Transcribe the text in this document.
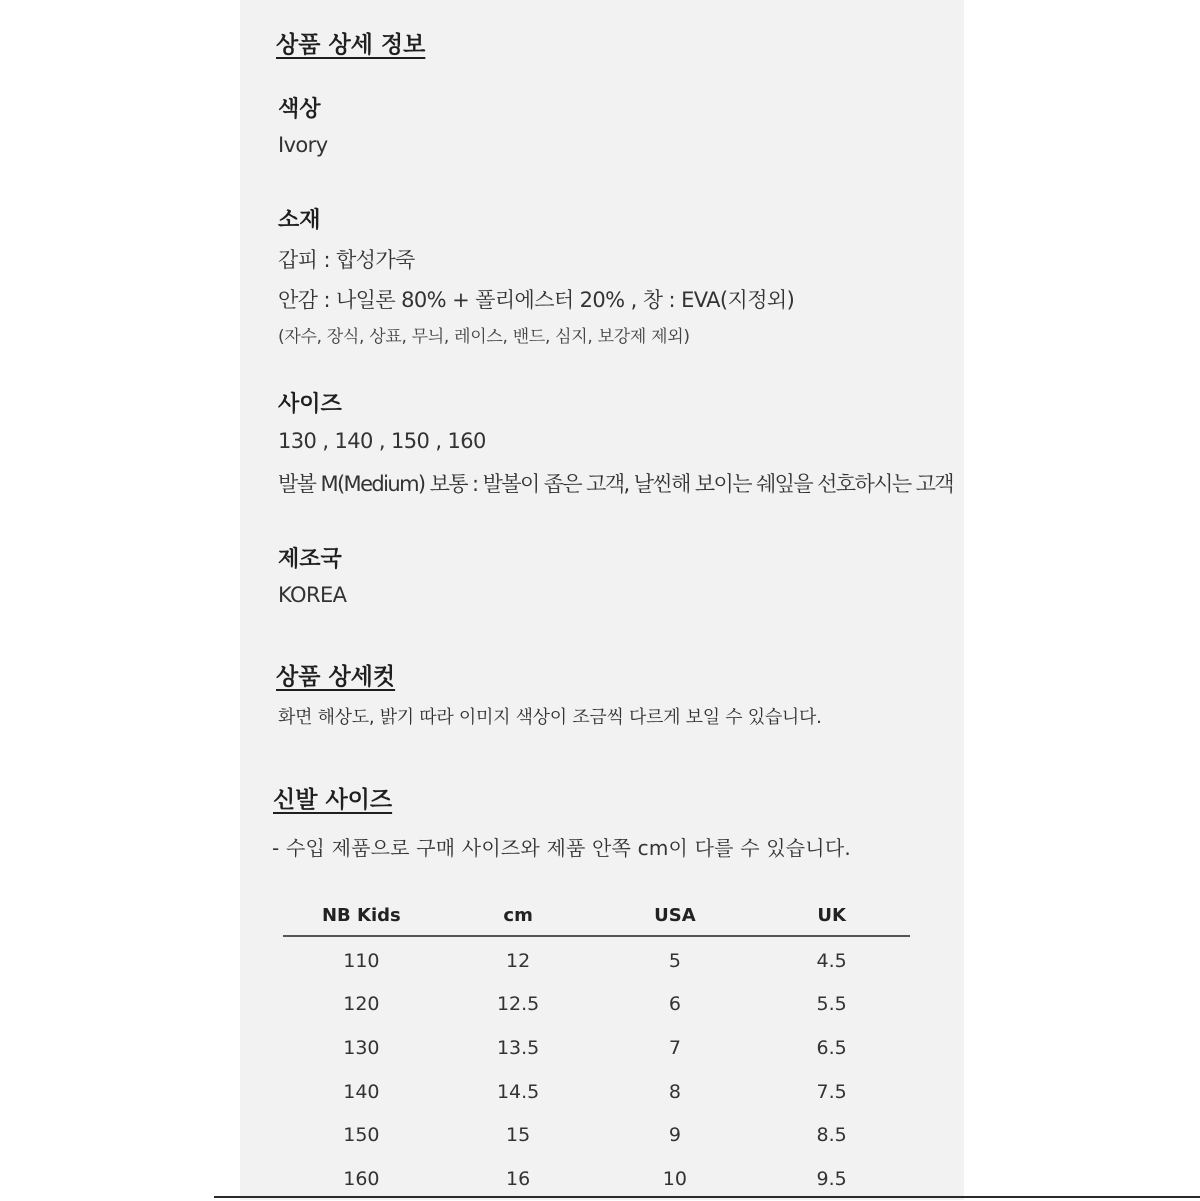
상품 상세 정보
색상
Ivory
소재
갑피 : 합성가죽
안감 : 나일론 80% + 폴리에스터 20% , 창 : EVA(지정외)
(자수, 장식, 상표, 무늬, 레이스, 밴드, 심지, 보강제 제외)
사이즈
130 , 140 , 150 , 160
발볼 M(Medium) 보통 : 발볼이 좁은 고객, 날씬해 보이는 쉐잎을 선호하시는 고객
제조국
KOREA
상품 상세컷
화면 해상도, 밝기 따라 이미지 색상이 조금씩 다르게 보일 수 있습니다.
신발 사이즈
- 수입 제품으로 구매 사이즈와 제품 안쪽 cm이 다를 수 있습니다.
NB Kids	cm	USA	UK
110	12	5	4.5
120	12.5	6	5.5
130	13.5	7	6.5
140	14.5	8	7.5
150	15	9	8.5
160	16	10	9.5
